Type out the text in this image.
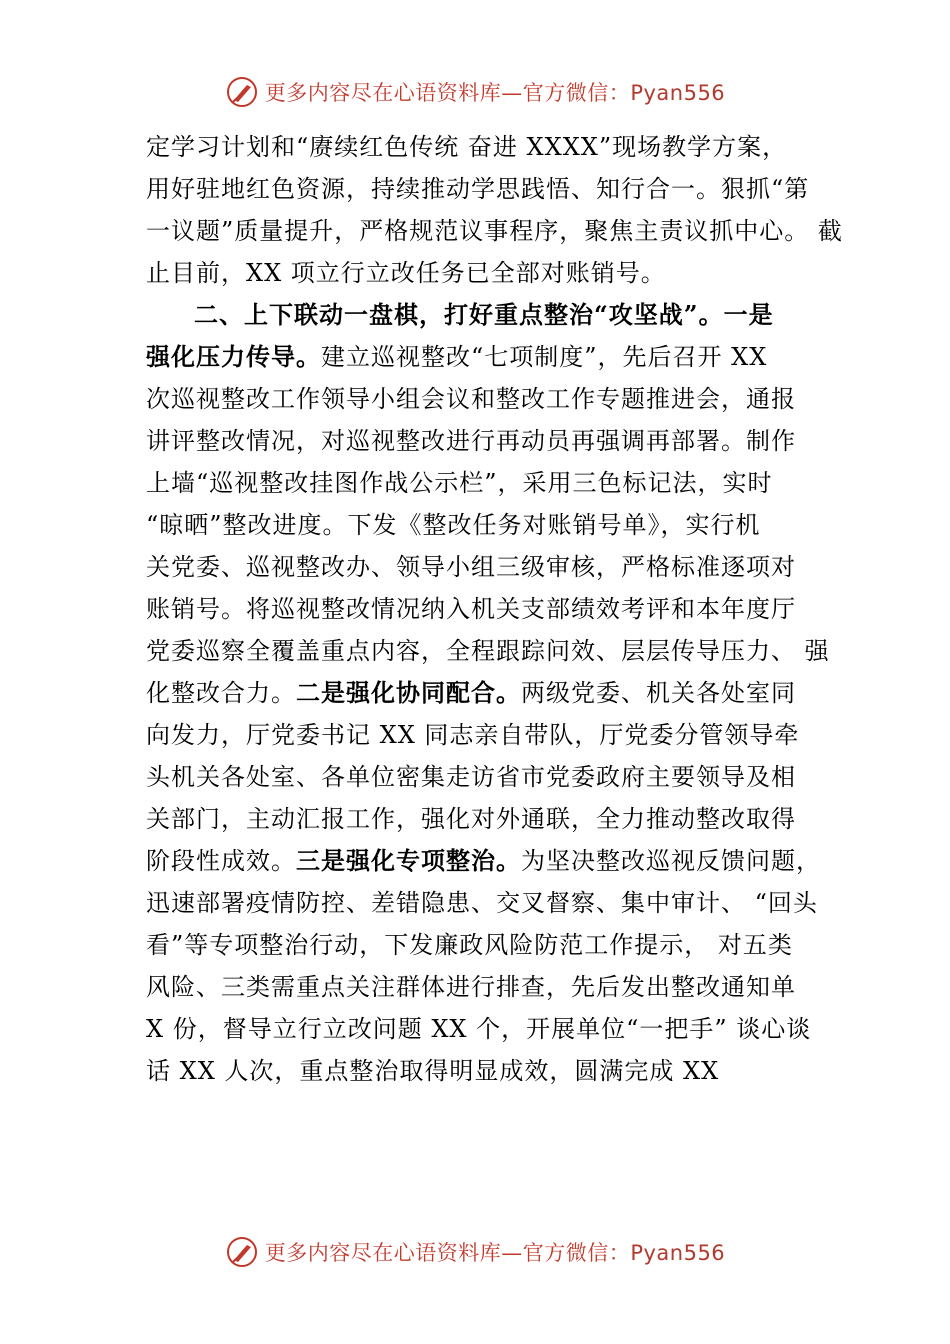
更多内容尽在心语资料库—官方微信：Pyan556
定学习计划和“赓续红色传统 奋进 XXXX”现场教学方案，
用好驻地红色资源，持续推动学思践悟、知行合一。狠抓“第
一议题”质量提升，严格规范议事程序，聚焦主责议抓中心。 截
止目前，XX 项立行立改任务已全部对账销号。
二、上下联动一盘棋，打好重点整治“攻坚战”。一是
强化压力传导。建立巡视整改“七项制度”，先后召开 XX
次巡视整改工作领导小组会议和整改工作专题推进会，通报
讲评整改情况，对巡视整改进行再动员再强调再部署。制作
上墙“巡视整改挂图作战公示栏”，采用三色标记法，实时
“晾晒”整改进度。下发《整改任务对账销号单》，实行机
关党委、巡视整改办、领导小组三级审核，严格标准逐项对
账销号。将巡视整改情况纳入机关支部绩效考评和本年度厅
党委巡察全覆盖重点内容，全程跟踪问效、层层传导压力、 强
化整改合力。二是强化协同配合。两级党委、机关各处室同
向发力，厅党委书记 XX 同志亲自带队，厅党委分管领导牵
头机关各处室、各单位密集走访省市党委政府主要领导及相
关部门，主动汇报工作，强化对外通联，全力推动整改取得
阶段性成效。三是强化专项整治。为坚决整改巡视反馈问题，
迅速部署疫情防控、差错隐患、交叉督察、集中审计、 “回头
看”等专项整治行动，下发廉政风险防范工作提示， 对五类
风险、三类需重点关注群体进行排查，先后发出整改通知单
X 份，督导立行立改问题 XX 个，开展单位“一把手” 谈心谈
话 XX 人次，重点整治取得明显成效，圆满完成 XX
更多内容尽在心语资料库—官方微信：Pyan556
